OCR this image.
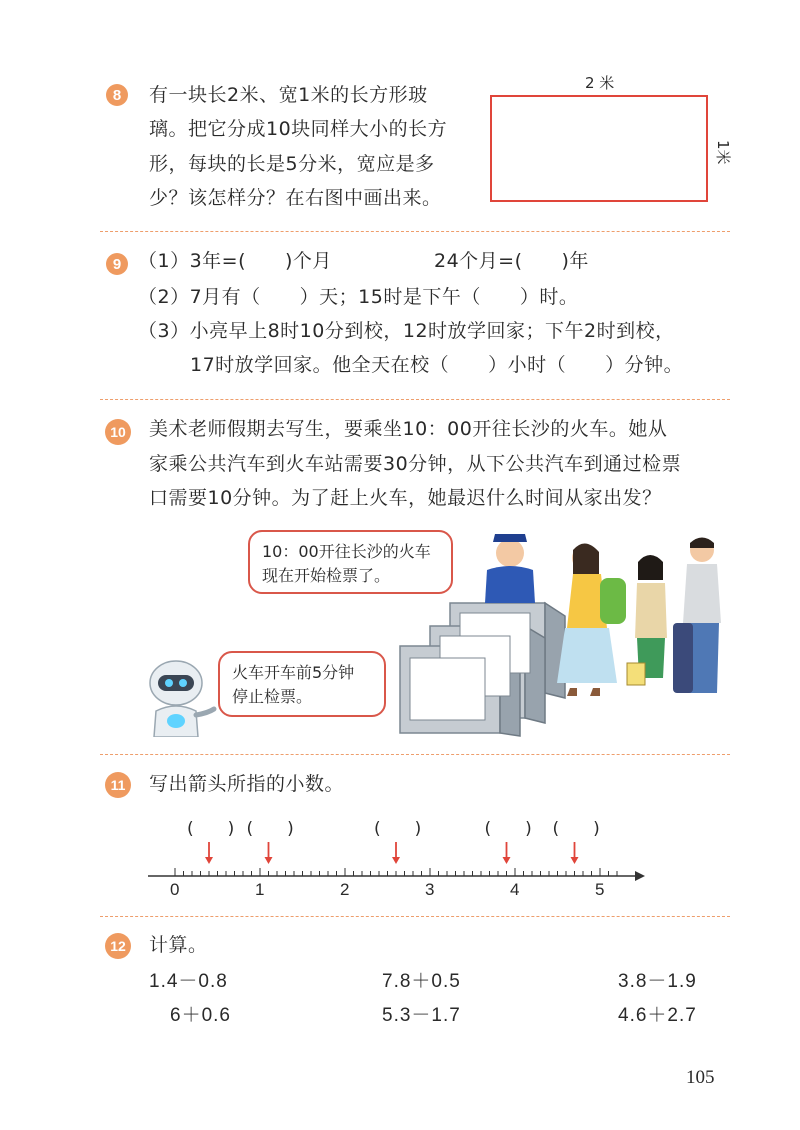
8	有一块长2米、宽1米的长方形玻
璃。把它分成10块同样大小的长方
形，每块的长是5分米，宽应是多
少？该怎样分？在右图中画出来。
2 米
1米
9 （1）3年=(　　)个月	24个月=(　　)年
（2）7月有（　　）天；15时是下午（　　）时。
（3）小亮早上8时10分到校，12时放学回家；下午2时到校，
17时放学回家。他全天在校（　　）小时（　　）分钟。
10 美术老师假期去写生，要乘坐10：00开往长沙的火车。她从
家乘公共汽车到火车站需要30分钟，从下公共汽车到通过检票
口需要10分钟。为了赶上火车，她最迟什么时间从家出发？
10：00开往长沙的火车
现在开始检票了。
火车开车前5分钟
停止检票。
11 写出箭头所指的小数。
0	1	2	3	4	5
(　　) (　　)	(　　)	(　　) (　　)
12 计算。
1.4－0.8	7.8＋0.5	3.8－1.9
6＋0.6	5.3－1.7	4.6＋2.7
105
